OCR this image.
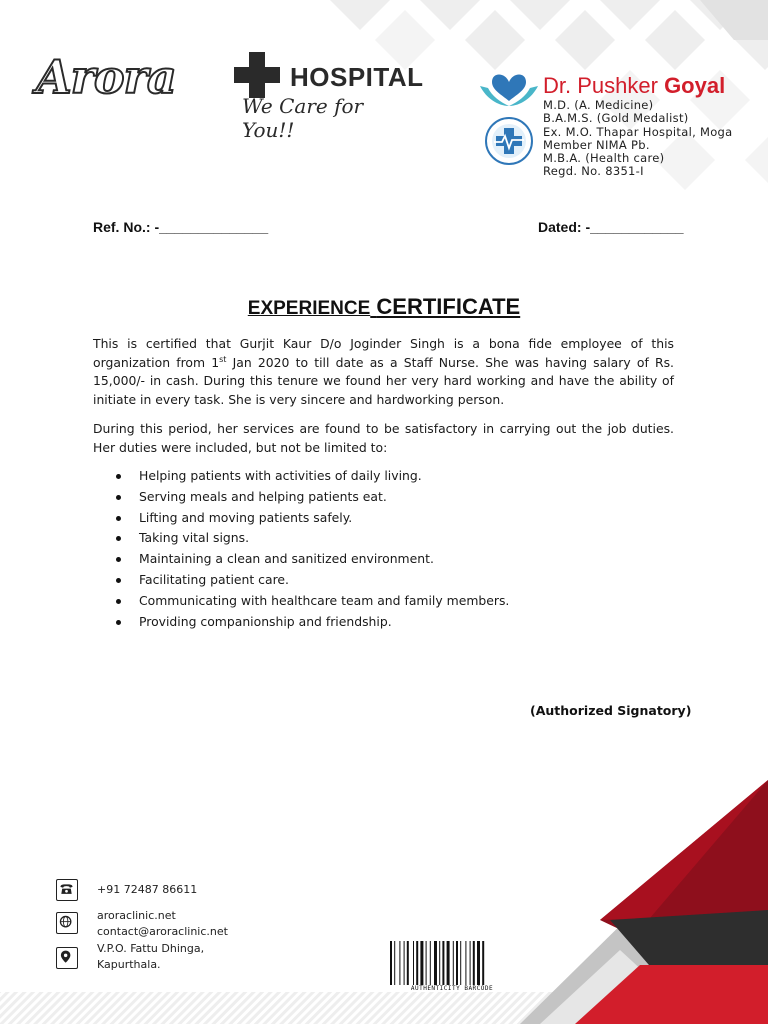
Arora	HOSPITAL
We Care for You!!
Dr. Pushker Goyal
M.D. (A. Medicine)
B.A.M.S. (Gold Medalist)
Ex. M.O. Thapar Hospital, Moga
Member NIMA Pb.
M.B.A. (Health care)
Regd. No. 8351-I
Ref. No.: -______________	Dated: -____________
EXPERIENCE CERTIFICATE
This is certified that Gurjit Kaur D/o Joginder Singh is a bona fide employee of this organization from 1st Jan 2020 to till date as a Staff Nurse. She was having salary of Rs. 15,000/- in cash. During this tenure we found her very hard working and have the ability of initiate in every task. She is very sincere and hardworking person.
During this period, her services are found to be satisfactory in carrying out the job duties. Her duties were included, but not be limited to:
Helping patients with activities of daily living.
Serving meals and helping patients eat.
Lifting and moving patients safely.
Taking vital signs.
Maintaining a clean and sanitized environment.
Facilitating patient care.
Communicating with healthcare team and family members.
Providing companionship and friendship.
(Authorized Signatory)
+91 72487 86611
aroraclinic.net
contact@aroraclinic.net
V.P.O. Fattu Dhinga,
Kapurthala.
AUTHENTICITY BARCODE
